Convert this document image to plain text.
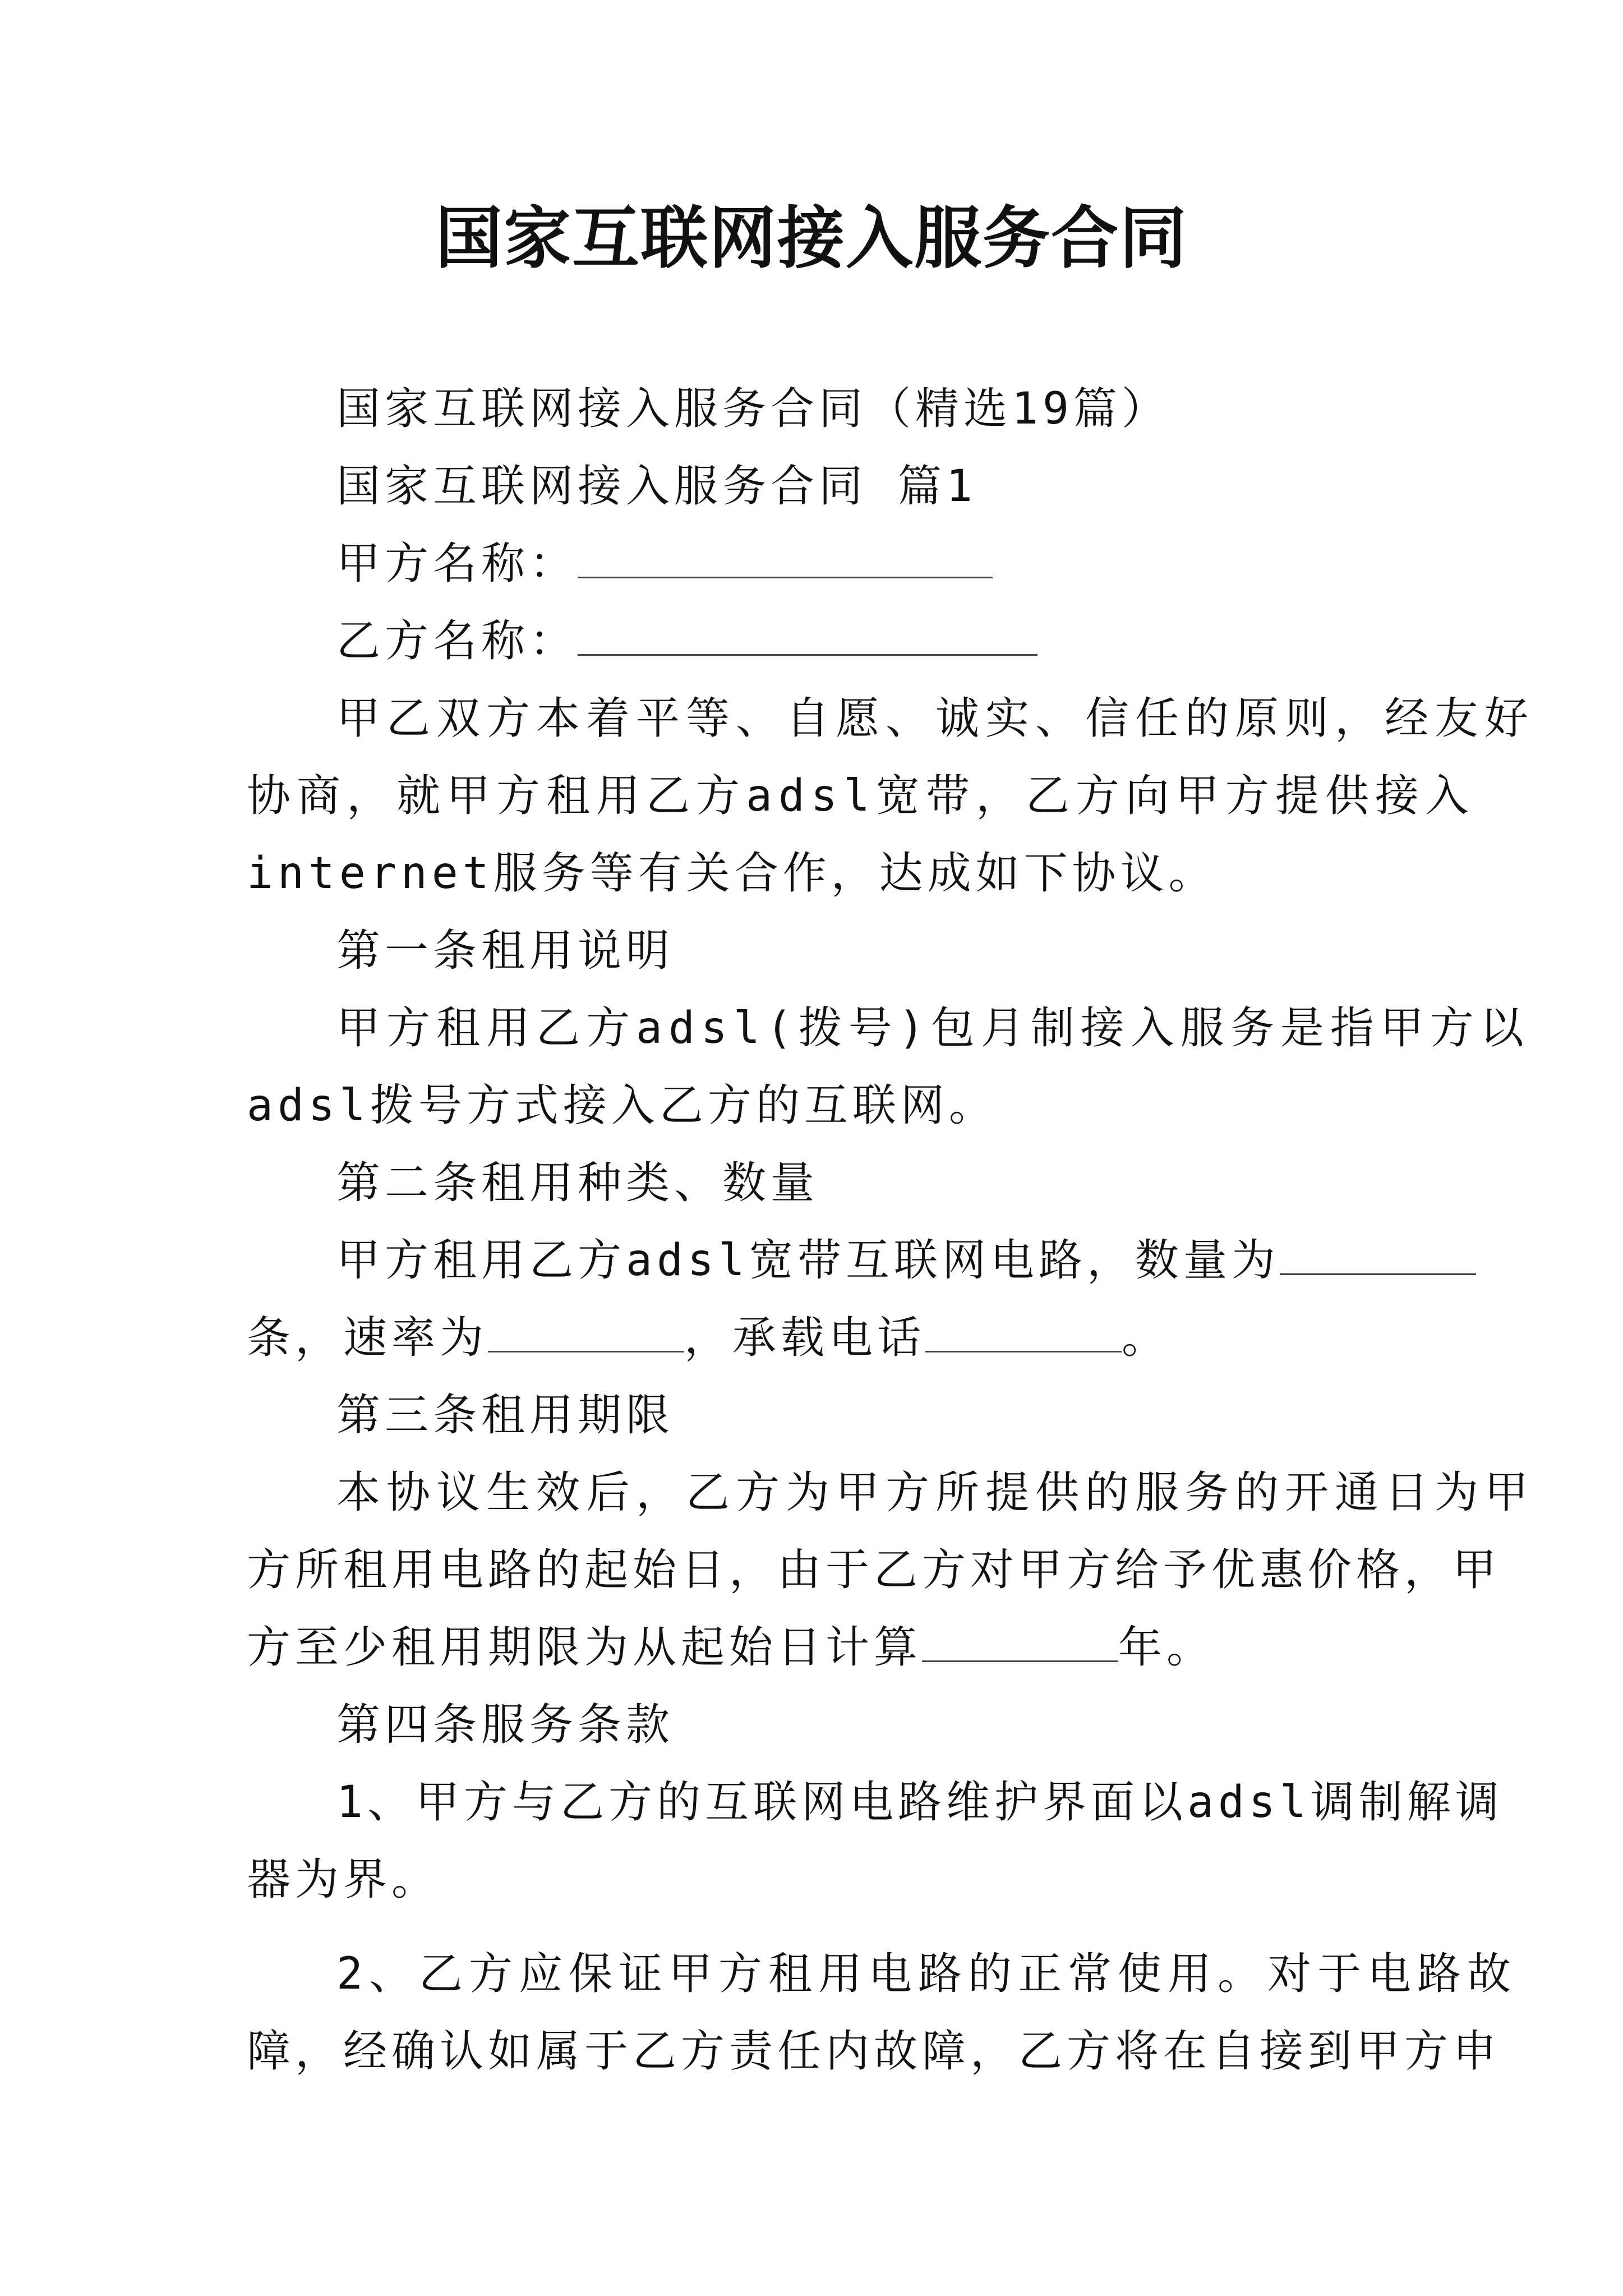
国家互联网接入服务合同
国家互联网接入服务合同（精选19篇）
国家互联网接入服务合同 篇1
甲方名称：
乙方名称：
甲乙双方本着平等、自愿、诚实、信任的原则，经友好
协商，就甲方租用乙方adsl宽带，乙方向甲方提供接入
internet服务等有关合作，达成如下协议。
第一条租用说明
甲方租用乙方adsl(拨号)包月制接入服务是指甲方以
adsl拨号方式接入乙方的互联网。
第二条租用种类、数量
甲方租用乙方adsl宽带互联网电路，数量为
条，速率为	，承载电话	。
第三条租用期限
本协议生效后，乙方为甲方所提供的服务的开通日为甲
方所租用电路的起始日，由于乙方对甲方给予优惠价格，甲
方至少租用期限为从起始日计算	年。
第四条服务条款
1、甲方与乙方的互联网电路维护界面以adsl调制解调
器为界。
2、乙方应保证甲方租用电路的正常使用。对于电路故
障，经确认如属于乙方责任内故障，乙方将在自接到甲方申
